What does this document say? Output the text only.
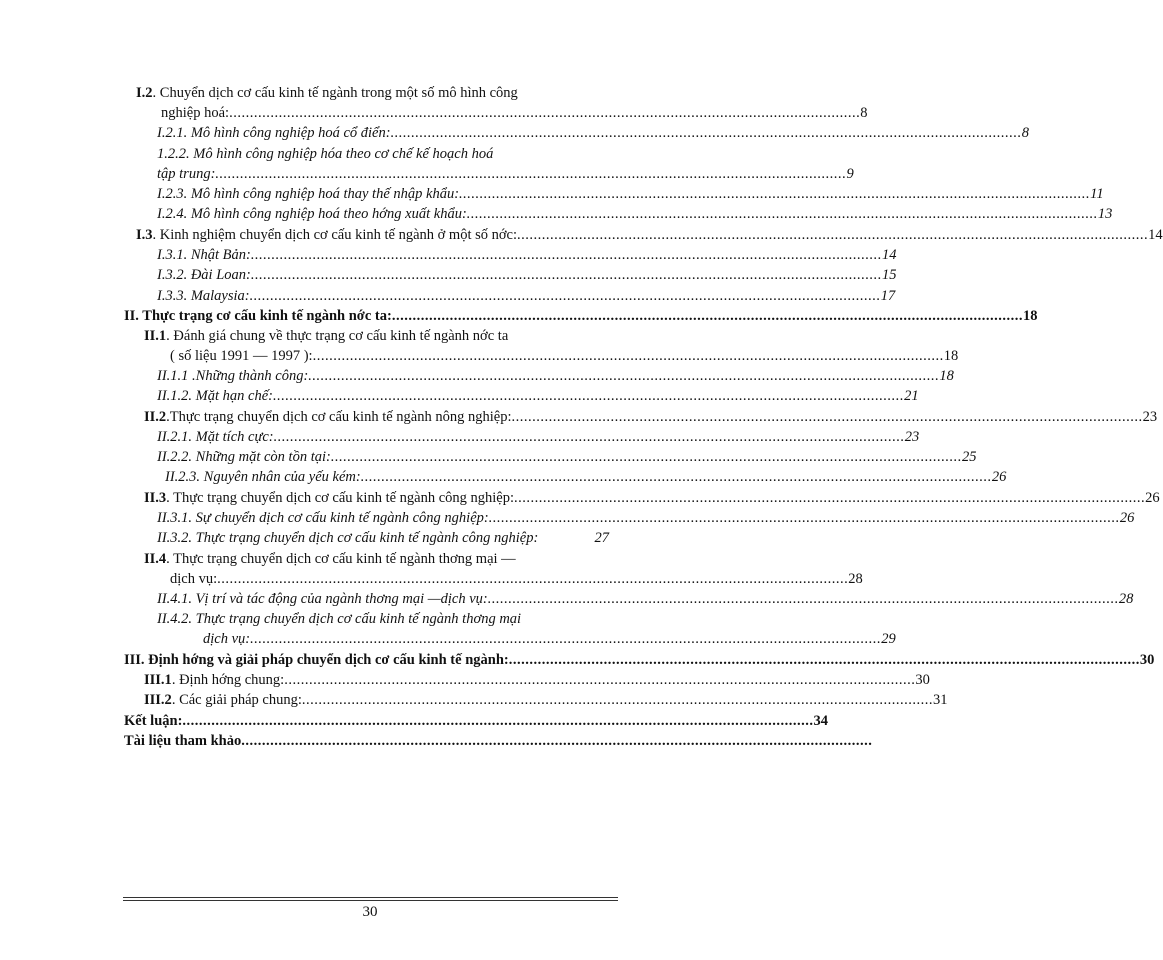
I.2. Chuyển dịch cơ cấu kinh tế ngành trong một số mô hình công
nghiệp hoá: ......................................................................................................................................................... 8
I.2.1. Mô hình công nghiệp hoá cổ điển: ......................................................................................................................................................... 8
1.2.2. Mô hình công nghiệp hóa theo cơ chế kế hoạch hoá
tập trung: ......................................................................................................................................................... 9
I.2.3. Mô hình công nghiệp hoá thay thế nhập khẩu: ......................................................................................................................................................... 11
I.2.4. Mô hình công nghiệp hoá theo hớng xuất khẩu: ......................................................................................................................................................... 13
I.3. Kinh nghiệm chuyển dịch cơ cấu kinh tế ngành ở một số nớc: ......................................................................................................................................................... 14
I.3.1. Nhật Bản: ......................................................................................................................................................... 14
I.3.2. Đài Loan: ......................................................................................................................................................... 15
I.3.3. Malaysia: ......................................................................................................................................................... 17
II. Thực trạng cơ cấu kinh tế ngành nớc ta: ......................................................................................................................................................... 18
II.1. Đánh giá chung về thực trạng cơ cấu kinh tế ngành nớc ta
( số liệu 1991 — 1997 ): ......................................................................................................................................................... 18
II.1.1 .Những thành công: ......................................................................................................................................................... 18
II.1.2. Mặt hạn chế: ......................................................................................................................................................... 21
II.2.Thực trạng chuyển dịch cơ cấu kinh tế ngành nông nghiệp: ......................................................................................................................................................... 23
II.2.1. Mặt tích cực: ......................................................................................................................................................... 23
II.2.2. Những mặt còn tồn tại: ......................................................................................................................................................... 25
II.2.3. Nguyên nhân của yếu kém: ......................................................................................................................................................... 26
II.3. Thực trạng chuyển dịch cơ cấu kinh tế ngành công nghiệp: ......................................................................................................................................................... 26
II.3.1. Sự chuyển dịch cơ cấu kinh tế ngành công nghiệp: ......................................................................................................................................................... 26
II.3.2. Thực trạng chuyển dịch cơ cấu kinh tế ngành công nghiệp:	27
II.4. Thực trạng chuyển dịch cơ cấu kinh tế ngành thơng mại —
dịch vụ: ......................................................................................................................................................... 28
II.4.1. Vị trí và tác động của ngành thơng mại —dịch vụ: ......................................................................................................................................................... 28
II.4.2. Thực trạng chuyển dịch cơ cấu kinh tế ngành thơng mại
dịch vụ: ......................................................................................................................................................... 29
III. Định hớng và giải pháp chuyển dịch cơ cấu kinh tế ngành: ......................................................................................................................................................... 30
III.1. Định hớng chung: ......................................................................................................................................................... 30
III.2. Các giải pháp chung: ......................................................................................................................................................... 31
Kết luận: ......................................................................................................................................................... 34
Tài liệu tham khảo .........................................................................................................................................................
30
